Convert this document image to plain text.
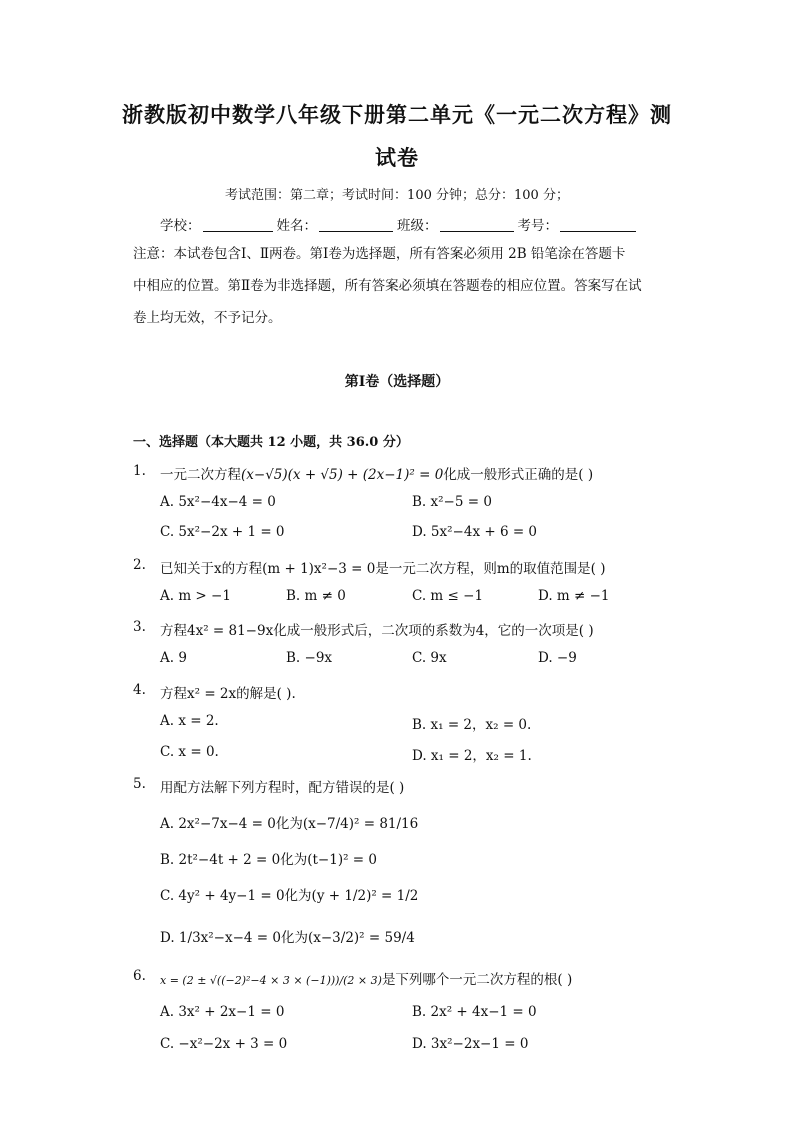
浙教版初中数学八年级下册第二单元《一元二次方程》测
试卷
考试范围：第二章；考试时间：100 分钟；总分：100 分；
学校：	姓名：	班级：	考号：
注意：本试卷包含Ⅰ、Ⅱ两卷。第Ⅰ卷为选择题，所有答案必须用 2B 铅笔涂在答题卡
中相应的位置。第Ⅱ卷为非选择题，所有答案必须填在答题卷的相应位置。答案写在试
卷上均无效，不予记分。
第Ⅰ卷（选择题）
一、选择题（本大题共 12 小题，共 36.0 分）
1. 一元二次方程(x−√5)(x + √5) + (2x−1)² = 0化成一般形式正确的是( )
A. 5x²−4x−4 = 0	B. x²−5 = 0
C. 5x²−2x + 1 = 0	D. 5x²−4x + 6 = 0
2. 已知关于x的方程(m + 1)x²−3 = 0是一元二次方程，则m的取值范围是( )
A. m > −1	B. m ≠ 0	C. m ≤ −1	D. m ≠ −1
3. 方程4x² = 81−9x化成一般形式后，二次项的系数为4，它的一次项是( )
A. 9	B. −9x	C. 9x	D. −9
4. 方程x² = 2x的解是( ).
A. x = 2.	B. x₁ = 2，x₂ = 0.
C. x = 0.	D. x₁ = 2，x₂ = 1.
5. 用配方法解下列方程时，配方错误的是( )
A. 2x²−7x−4 = 0化为(x−7/4)² = 81/16
B. 2t²−4t + 2 = 0化为(t−1)² = 0
C. 4y² + 4y−1 = 0化为(y + 1/2)² = 1/2
D. 1/3x²−x−4 = 0化为(x−3/2)² = 59/4
6. x = (2 ± √((−2)²−4 × 3 × (−1)))/(2 × 3)是下列哪个一元二次方程的根( )
A. 3x² + 2x−1 = 0	B. 2x² + 4x−1 = 0
C. −x²−2x + 3 = 0	D. 3x²−2x−1 = 0
